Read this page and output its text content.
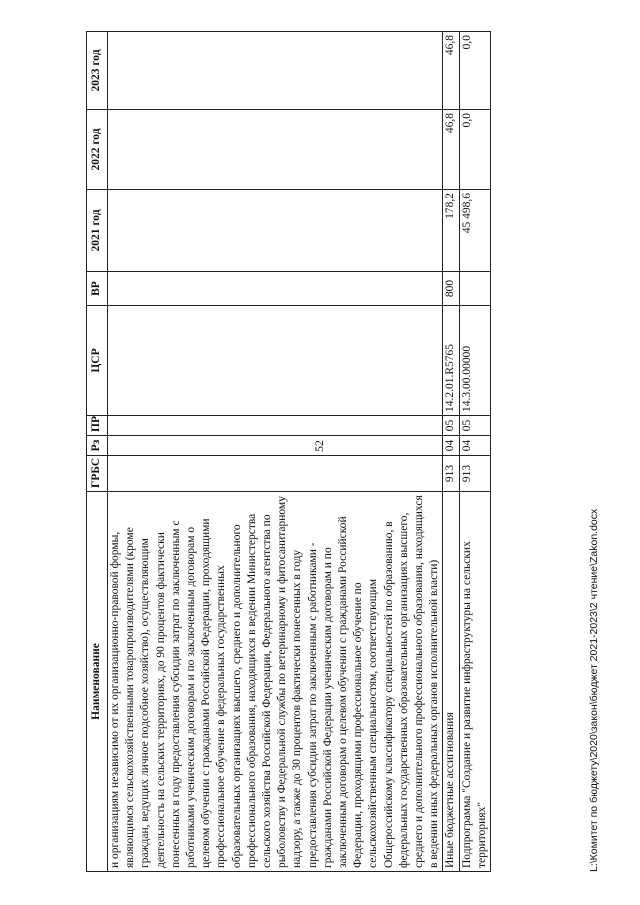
52
Наименование	ГРБС	Рз	ПР	ЦСР	ВР	2021 год	2022 год	2023 год
и организациям независимо от их организационно-правовой формы, являющимся сельскохозяйственными товаропроизводителями (кроме граждан, ведущих личное подсобное хозяйство), осуществляющим деятельность на сельских территориях, до 90 процентов фактически понесенных в году предоставления субсидии затрат по заключенным с работниками ученическим договорам и по заключенным договорам о целевом обучении с гражданами Российской Федерации, проходящими профессиональное обучение в федеральных государственных образовательных организациях высшего, среднего и дополнительного профессионального образования, находящихся в ведении Министерства сельского хозяйства Российской Федерации, Федерального агентства по рыболовству и Федеральной службы по ветеринарному и фитосанитарному надзору, а также до 30 процентов фактически понесенных в году предоставления субсидии затрат по заключенным с работниками - гражданами Российской Федерации ученическим договорам и по заключенным договорам о целевом обучении с гражданами Российской Федерации, проходящими профессиональное обучение по сельскохозяйственным специальностям, соответствующим Общероссийскому классификатору специальностей по образованию, в федеральных государственных образовательных организациях высшего, среднего и дополнительного профессионального образования, находящихся в ведении иных федеральных органов исполнительной власти)								
Иные бюджетные ассигнования	913	04	05	14.2.01.R5765	800	178,2	46,8	46,8
Подпрограмма "Создание и развитие инфраструктуры на сельских территориях"	913	04	05	14.3.00.00000		45 498,6	0,0	0,0
L:\Комитет по бюджету\2020\закон\бюджет 2021-2023\2 чтение\Zakon.docx
